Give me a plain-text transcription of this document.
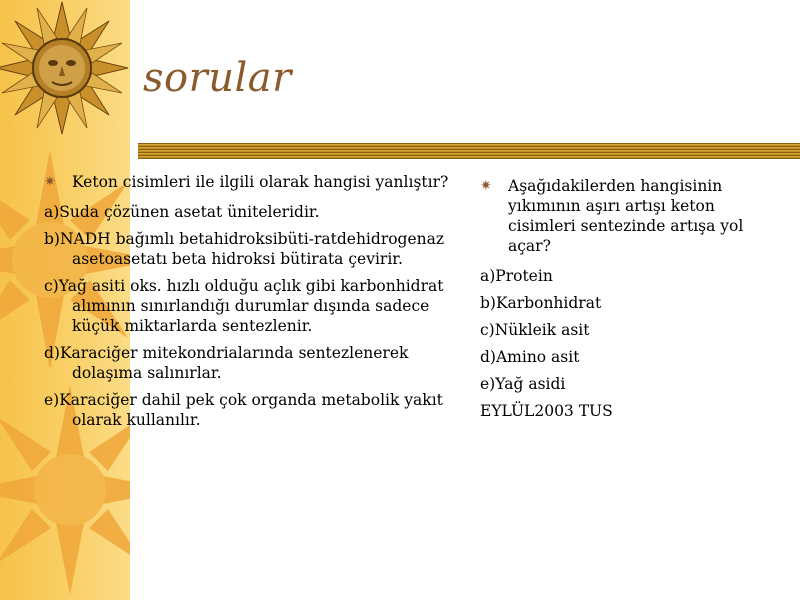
sorular
✷ Keton cisimleri ile ilgili olarak hangisi yanlıştır?
a)Suda çözünen asetat üniteleridir.
b)NADH bağımlı betahidroksibüti-ratdehidrogenaz asetoasetatı beta hidroksi bütirata çevirir.
c)Yağ asiti oks. hızlı olduğu açlık gibi karbonhidrat alımının sınırlandığı durumlar dışında sadece küçük miktarlarda sentezlenir.
d)Karaciğer mitekondrialarında sentezlenerek dolaşıma salınırlar.
e)Karaciğer dahil pek çok organda metabolik yakıt olarak kullanılır.
✷ Aşağıdakilerden hangisinin yıkımının aşırı artışı keton cisimleri sentezinde artışa yol açar?
a)Protein
b)Karbonhidrat
c)Nükleik asit
d)Amino asit
e)Yağ asidi
EYLÜL2003 TUS
